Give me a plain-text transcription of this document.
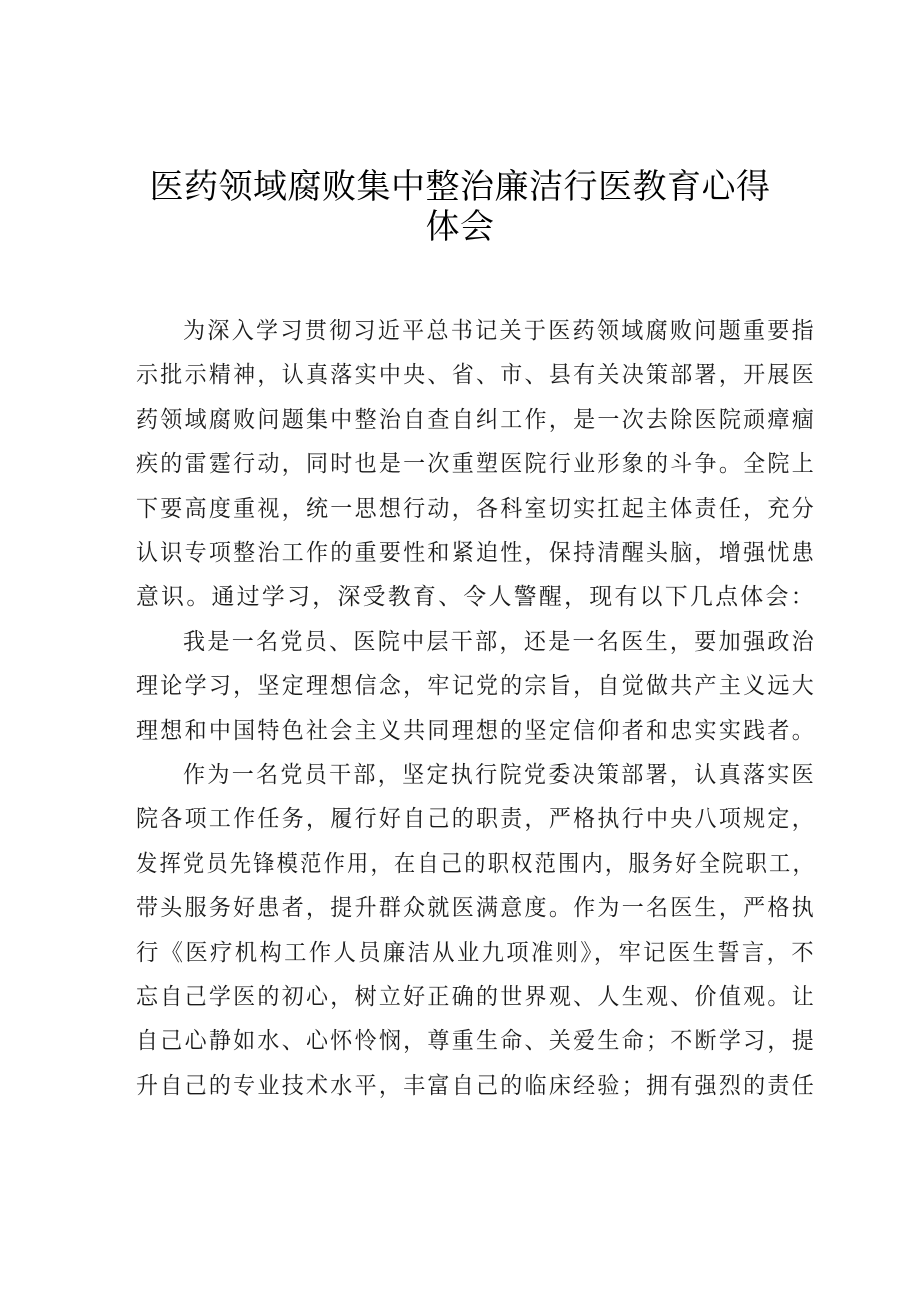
医药领域腐败集中整治廉洁行医教育心得
体会
为深入学习贯彻习近平总书记关于医药领域腐败问题重要指
示批示精神，认真落实中央、省、市、县有关决策部署，开展医
药领域腐败问题集中整治自查自纠工作，是一次去除医院顽瘴痼
疾的雷霆行动，同时也是一次重塑医院行业形象的斗争。全院上
下要高度重视，统一思想行动，各科室切实扛起主体责任，充分
认识专项整治工作的重要性和紧迫性，保持清醒头脑，增强忧患
意识。通过学习，深受教育、令人警醒，现有以下几点体会：
我是一名党员、医院中层干部，还是一名医生，要加强政治
理论学习，坚定理想信念，牢记党的宗旨，自觉做共产主义远大
理想和中国特色社会主义共同理想的坚定信仰者和忠实实践者。
作为一名党员干部，坚定执行院党委决策部署，认真落实医
院各项工作任务，履行好自己的职责，严格执行中央八项规定，
发挥党员先锋模范作用，在自己的职权范围内，服务好全院职工，
带头服务好患者，提升群众就医满意度。作为一名医生，严格执
行《医疗机构工作人员廉洁从业九项准则》，牢记医生誓言，不
忘自己学医的初心，树立好正确的世界观、人生观、价值观。让
自己心静如水、心怀怜悯，尊重生命、关爱生命；不断学习，提
升自己的专业技术水平，丰富自己的临床经验；拥有强烈的责任
